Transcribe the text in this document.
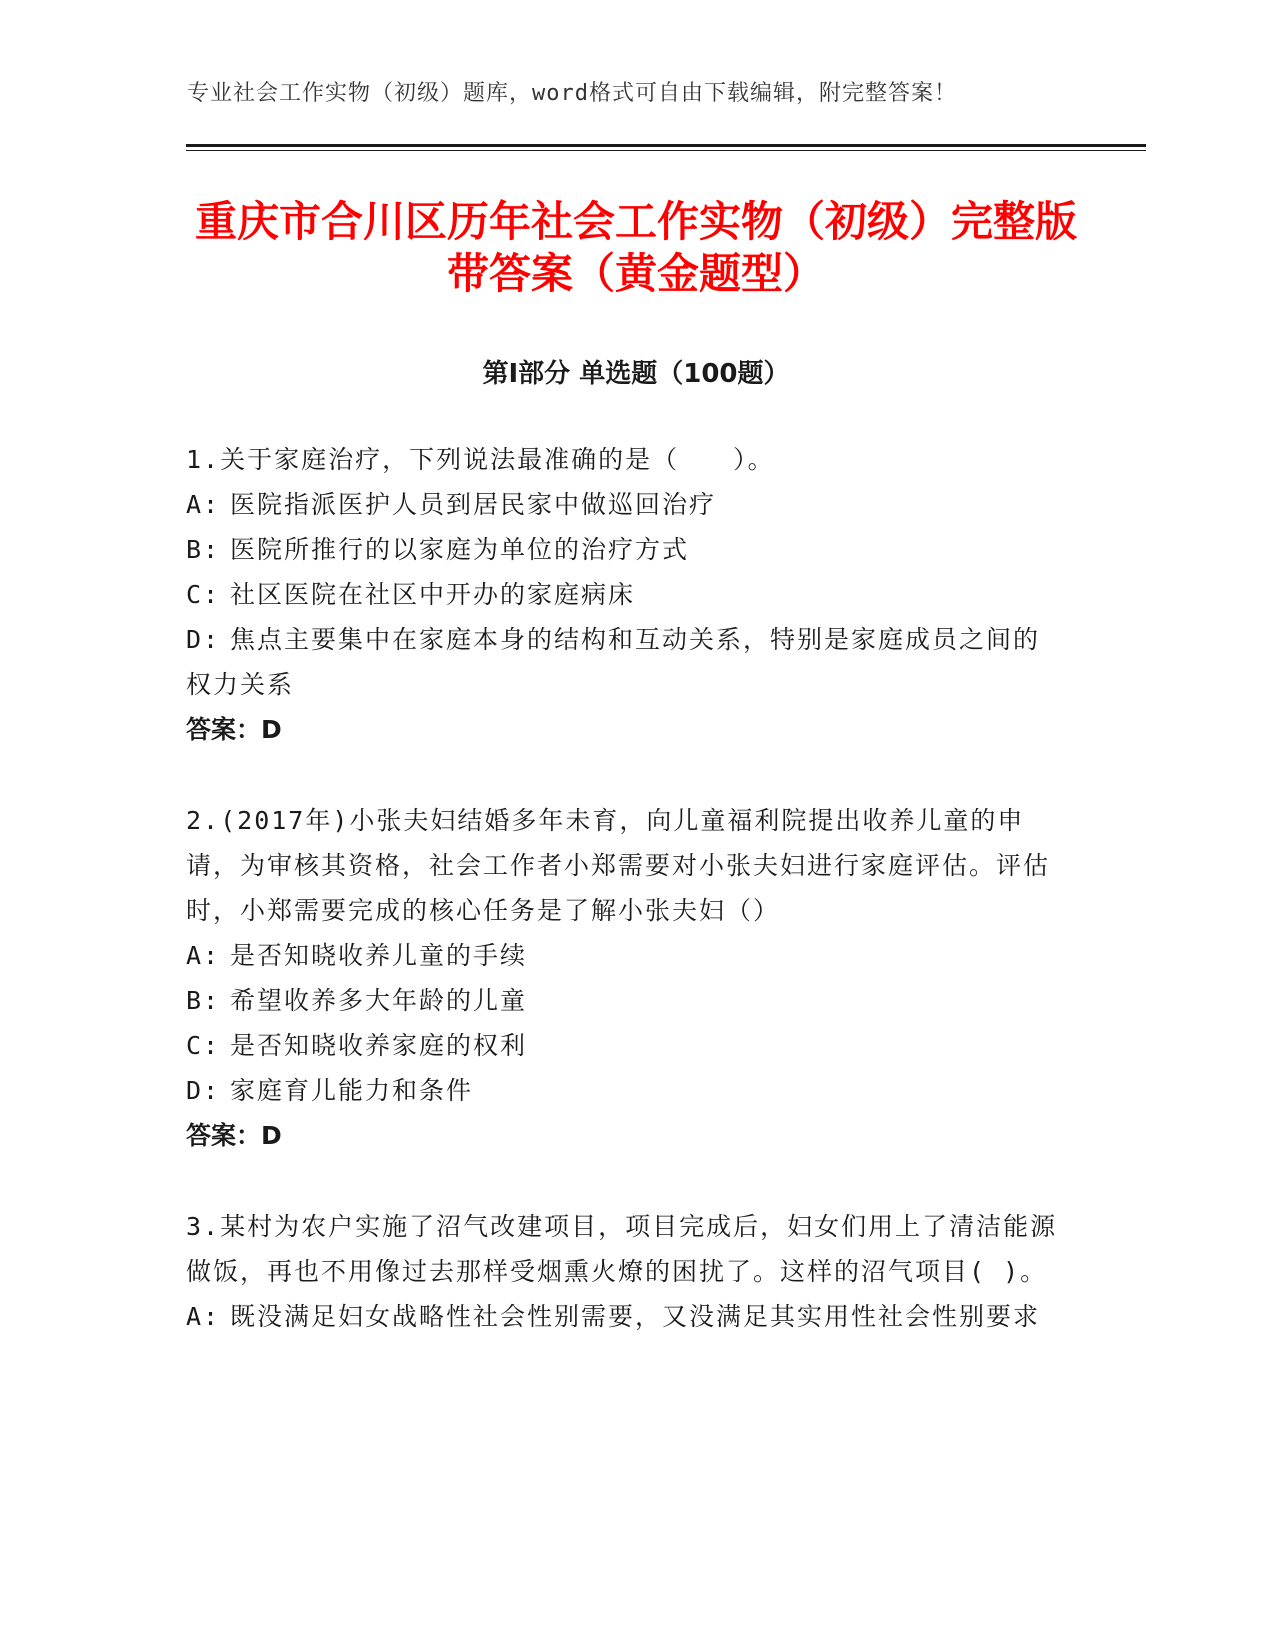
专业社会工作实物（初级）题库，word格式可自由下载编辑，附完整答案！
重庆市合川区历年社会工作实物（初级）完整版带答案（黄金题型）
第Ⅰ部分 单选题（100题）

1.关于家庭治疗，下列说法最准确的是（　　）。

A: 医院指派医护人员到居民家中做巡回治疗

B: 医院所推行的以家庭为单位的治疗方式

C: 社区医院在社区中开办的家庭病床

D: 焦点主要集中在家庭本身的结构和互动关系，特别是家庭成员之间的权力关系

答案：D

2.(2017年)小张夫妇结婚多年未育，向儿童福利院提出收养儿童的申请，为审核其资格，社会工作者小郑需要对小张夫妇进行家庭评估。评估时，小郑需要完成的核心任务是了解小张夫妇（）

A: 是否知晓收养儿童的手续

B: 希望收养多大年龄的儿童

C: 是否知晓收养家庭的权利

D: 家庭育儿能力和条件

答案：D

3.某村为农户实施了沼气改建项目，项目完成后，妇女们用上了清洁能源做饭，再也不用像过去那样受烟熏火燎的困扰了。这样的沼气项目( )。

A: 既没满足妇女战略性社会性别需要，又没满足其实用性社会性别要求
